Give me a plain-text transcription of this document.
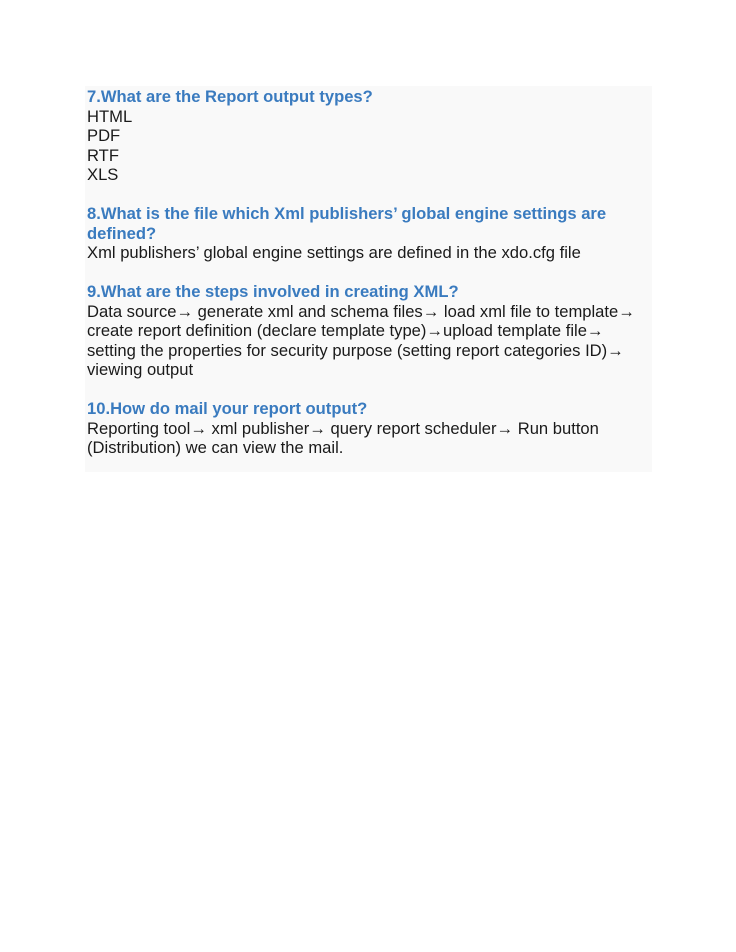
7.What are the Report output types?

HTML

PDF

RTF

XLS

8.What is the file which Xml publishers’ global engine settings are defined?

Xml publishers’ global engine settings are defined in the xdo.cfg file

9.What are the steps involved in creating XML?

Data source→ generate xml and schema files→ load xml file to template→ create report definition (declare template type)→upload template file→ setting the properties for security purpose (setting report categories ID)→ viewing output

10.How do mail your report output?

Reporting tool→ xml publisher→ query report scheduler→ Run button (Distribution) we can view the mail.
